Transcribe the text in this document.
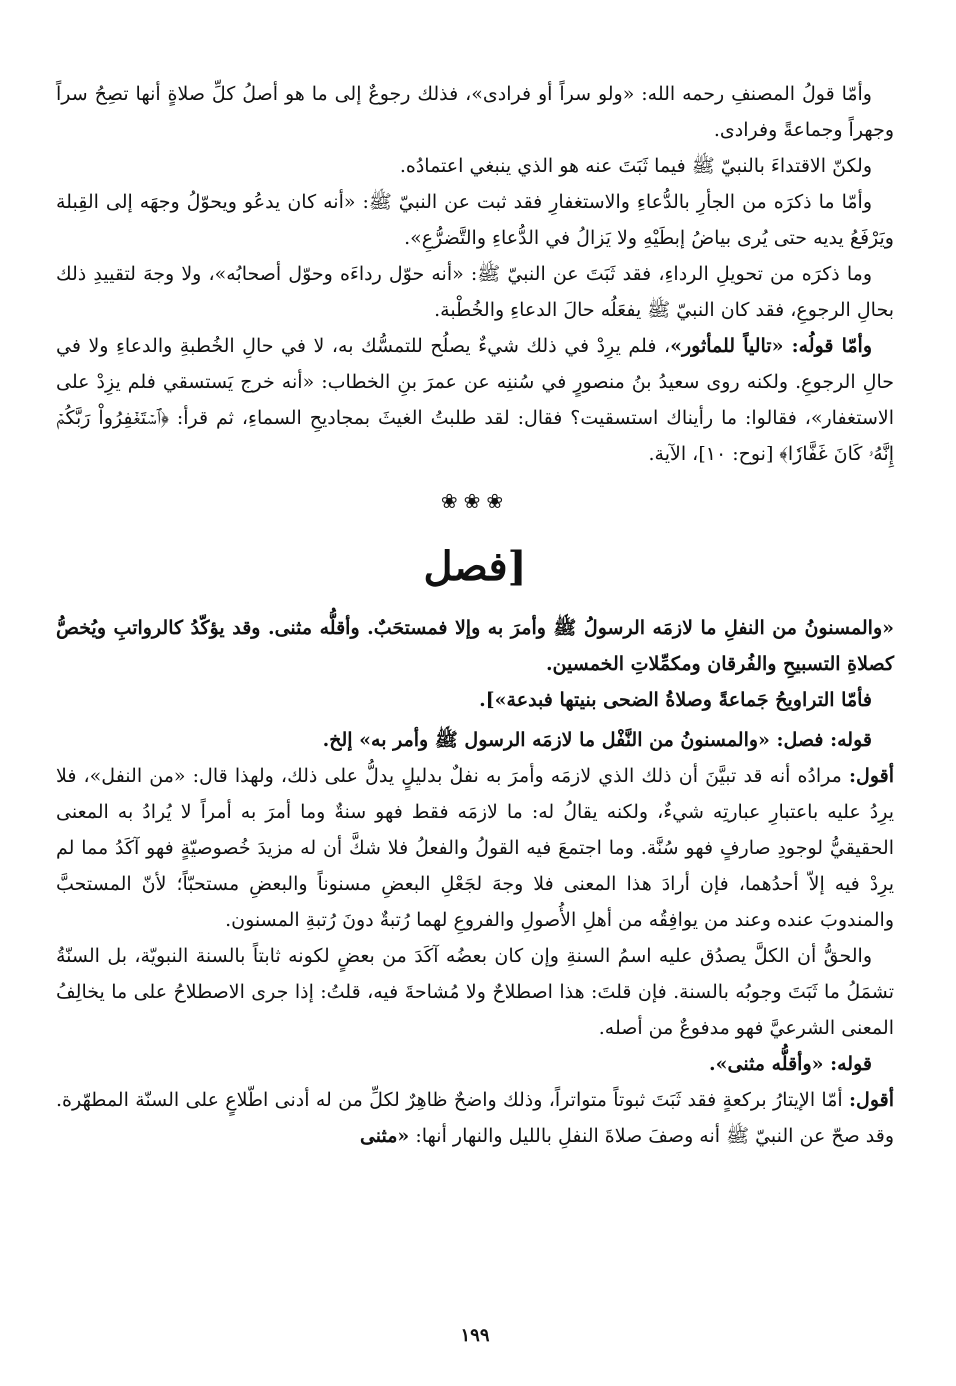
وأمّا قولُ المصنفِ رحمه الله: «ولو سراً أو فرادى»، فذلك رجوعٌ إلى ما هو أصلُ كلِّ صلاةٍ أنها تصِحُ سراً وجهراً وجماعةً وفرادى.

ولكنّ الاقتداءَ بالنبيّ ﷺ فيما ثَبَتَ عنه هو الذي ينبغي اعتمادُه.

وأمّا ما ذكرَه من الجأرِ بالدُّعاءِ والاستغفارِ فقد ثبت عن النبيّ ﷺ: «أنه كان يدعُو ويحوّلُ وجهَه إلى القِبلة ويَرْفَعُ يديه حتى يُرى بياضُ إبطَيْهِ ولا يَزالُ في الدُّعاءِ والتَّضرُّعِ».

وما ذكرَه من تحويلِ الرداءِ، فقد ثَبَتَ عن النبيّ ﷺ: «أنه حوّل رداءَه وحوّل أصحابُه»، ولا وجهَ لتقييدِ ذلك بحالِ الرجوعِ، فقد كان النبيّ ﷺ يفعَلُه حالَ الدعاءِ والخُطْبة.

وأمّا قولُه: «تالياً للمأثور»، فلم يرِدْ في ذلك شيءٌ يصلُح للتمسُّك به، لا في حالِ الخُطبةِ والدعاءِ ولا في حالِ الرجوعِ. ولكنه روى سعيدُ بنُ منصورٍ في سُننِه عن عمرَ بنِ الخطاب: «أنه خرج يَستسقي فلم يزِدْ على الاستغفار»، فقالوا: ما رأيناك استسقيت؟ فقال: لقد طلبتُ الغيثَ بمجاديحِ السماءِ، ثم قرأ: ﴿ٱسۡتَغۡفِرُواْ رَبَّكُمۡ إِنَّهُۥ كَانَ غَفَّارٗا﴾ [نوح: ١٠]، الآية.

❀❀❀
[فصل

«والمسنونُ من النفلِ ما لازمَه الرسولُ ﷺ وأمرَ به وإلا فمستحَبٌ. وأقلُّه مثنى. وقد يؤكّدُ كالرواتبِ ويُخصُّ كصلاةِ التسبيحِ والفُرقان ومكمِّلاتِ الخمسين.

فأمّا التراويحُ جَماعةً وصلاةُ الضحى بنيتها فبدعة»].

قوله: فصل: «والمسنونُ من النَّفْل ما لازمَه الرسول ﷺ وأمر به» إلخ.

أقول: مرادُه أنه قد تبيَّنَ أن ذلك الذي لازمَه وأمرَ به نفلٌ بدليلٍ يدلُّ على ذلك، ولهذا قال: «من النفل»، فلا يرِدُ عليه باعتبارِ عبارتِه شيءٌ، ولكنه يقالُ له: ما لازمَه فقط فهو سنةٌ وما أمرَ به أمراً لا يُرادُ به المعنى الحقيقيُّ لوجودِ صارفٍ فهو سُنَّة. وما اجتمعَ فيه القولُ والفعلُ فلا شكَّ أن له مزيدَ خُصوصيّةٍ فهو آكَدُ مما لم يرِدْ فيه إلاّ أحدُهما، فإن أرادَ هذا المعنى فلا وجهَ لجَعْلِ البعضِ مسنوناً والبعضِ مستحبّاً؛ لأنّ المستحبَّ والمندوبَ عنده وعند من يوافِقُه من أهلِ الأُصولِ والفروعِ لهما رُتبةٌ دونَ رُتبةِ المسنون.

والحقُّ أن الكلَّ يصدُق عليه اسمُ السنةِ وإن كان بعضُه آكَدَ من بعضٍ لكونه ثابتاً بالسنة النبويّة، بل السنّةُ تشمَلُ ما ثَبَتَ وجوبُه بالسنة. فإن قلتَ: هذا اصطلاحٌ ولا مُشاحةَ فيه، قلتُ: إذا جرى الاصطلاحُ على ما يخالِفُ المعنى الشرعيَّ فهو مدفوعٌ من أصله.

قوله: «وأقلُّه مثنى».

أقول: أمّا الإيتارُ بركعةٍ فقد ثَبَتَ ثبوتاً متواتراً، وذلك واضحٌ ظاهِرٌ لكلِّ من له أدنى اطّلاعٍ على السنّة المطهّرة. وقد صحّ عن النبيّ ﷺ أنه وصفَ صلاةَ النفلِ بالليل والنهار أنها: «مثنى

١٩٩
